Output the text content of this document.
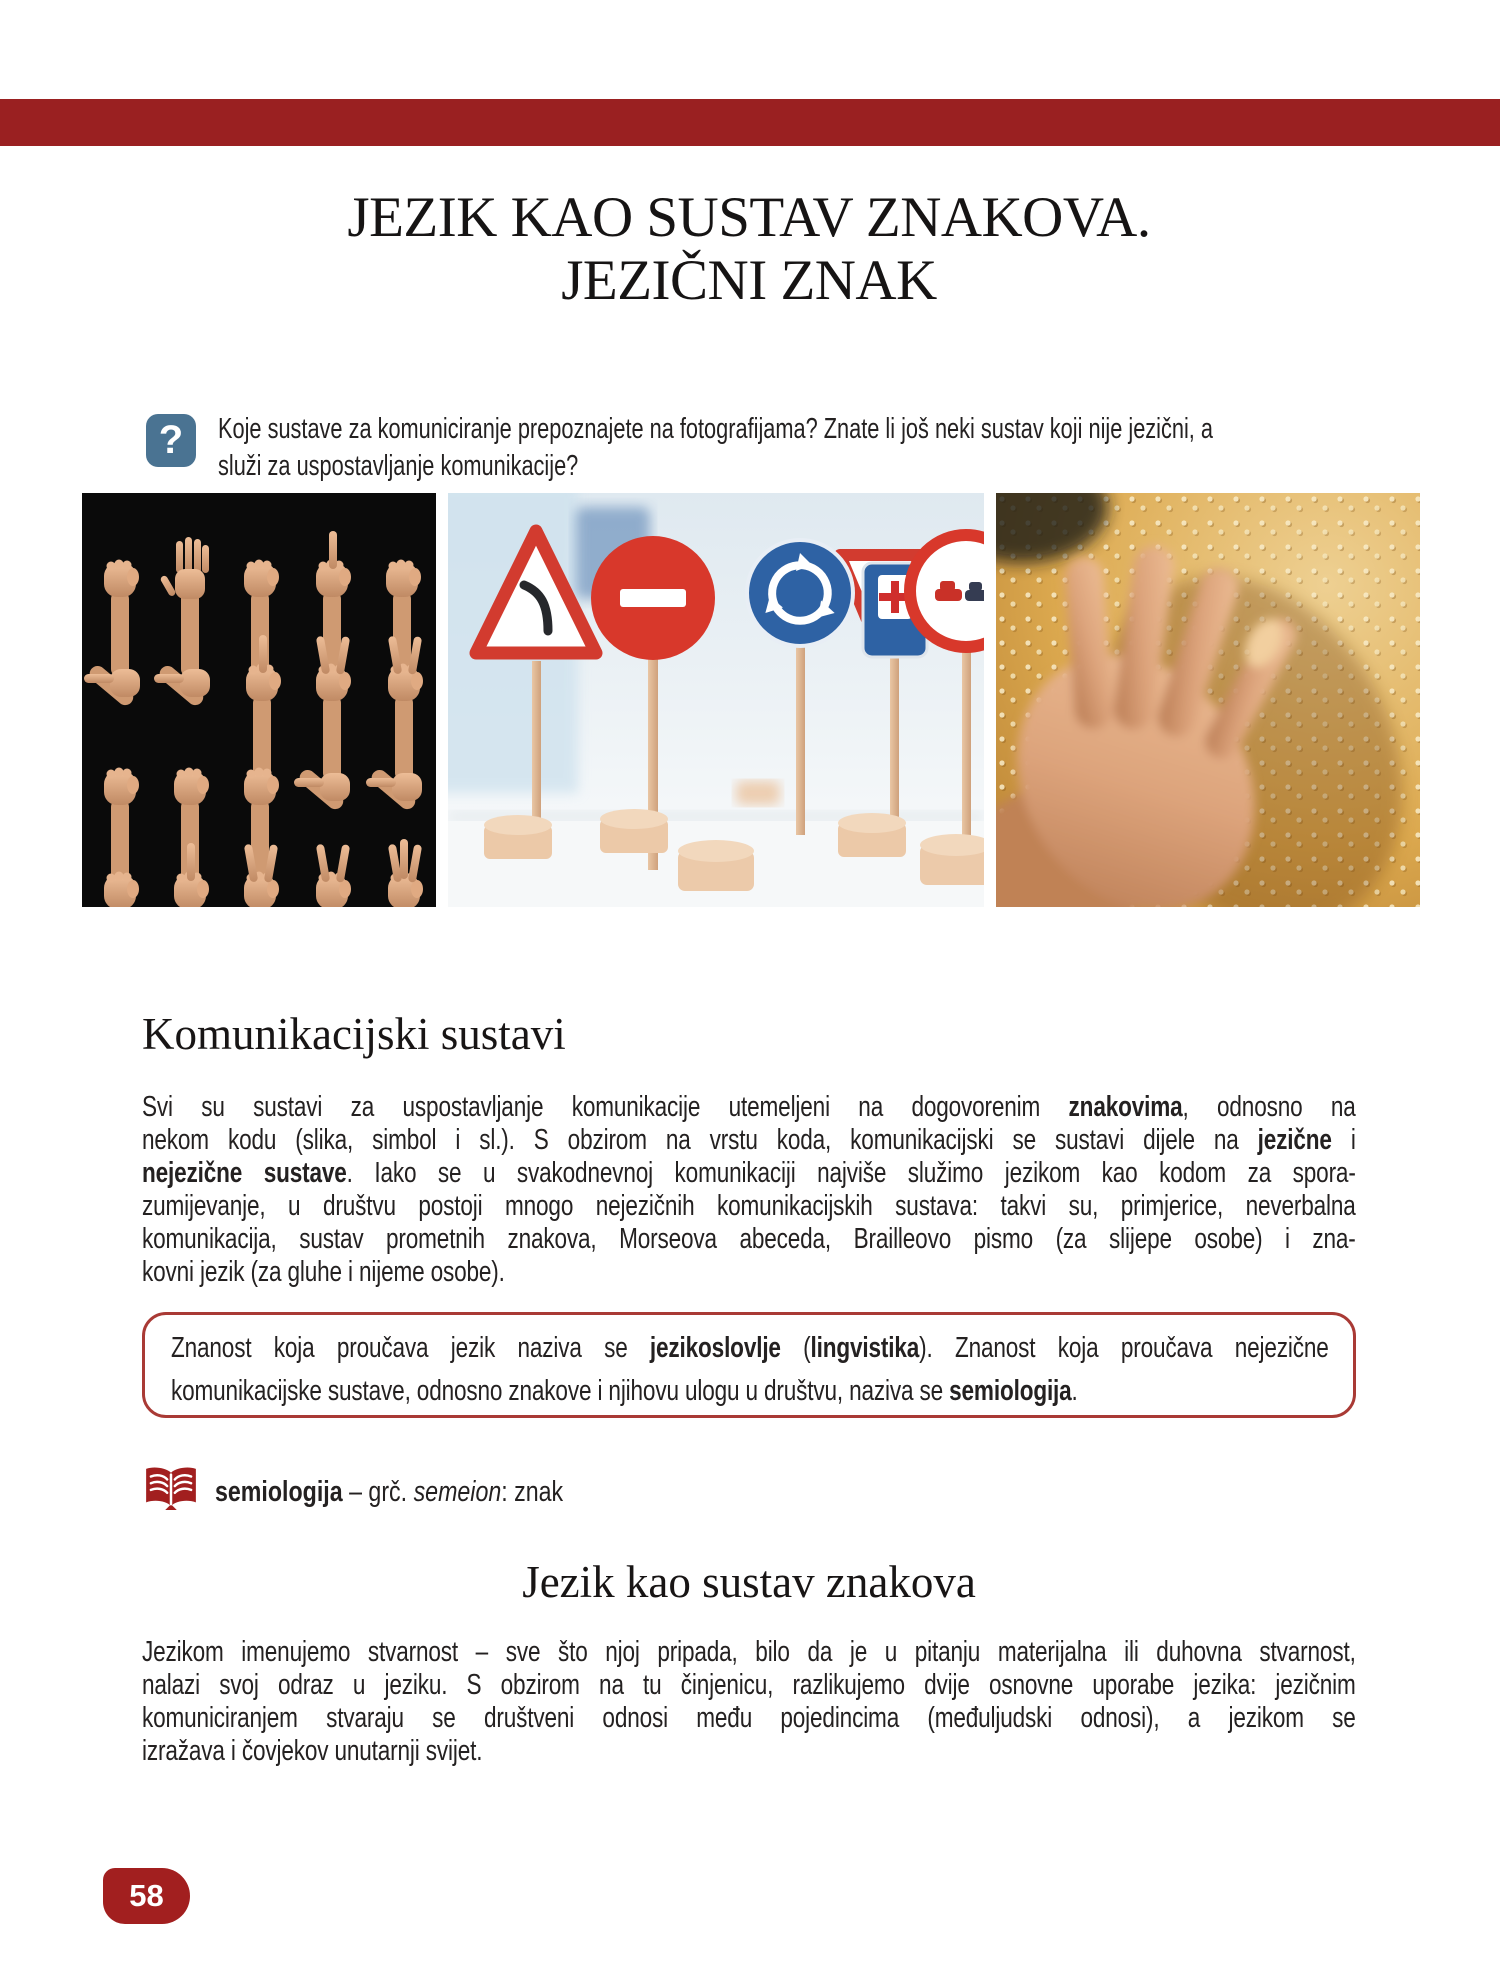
JEZIK KAO SUSTAV ZNAKOVA.
JEZIČNI ZNAK
?	Koje sustave za komuniciranje prepoznajete na fotografijama? Znate li još neki sustav koji nije jezični, a
služi za uspostavljanje komunikacije?
Komunikacijski sustavi
Svi su sustavi za uspostavljanje komunikacije utemeljeni na dogovorenim znakovima, odnosno na
nekom kodu (slika, simbol i sl.). S obzirom na vrstu koda, komunikacijski se sustavi dijele na jezične i
nejezične sustave. Iako se u svakodnevnoj komunikaciji najviše služimo jezikom kao kodom za spora-
zumijevanje, u društvu postoji mnogo nejezičnih komunikacijskih sustava: takvi su, primjerice, neverbalna
komunikacija, sustav prometnih znakova, Morseova abeceda, Brailleovo pismo (za slijepe osobe) i zna-
kovni jezik (za gluhe i nijeme osobe).
Znanost koja proučava jezik naziva se jezikoslovlje (lingvistika). Znanost koja proučava nejezične
komunikacijske sustave, odnosno znakove i njihovu ulogu u društvu, naziva se semiologija.
semiologija – grč. semeion: znak
Jezik kao sustav znakova
Jezikom imenujemo stvarnost – sve što njoj pripada, bilo da je u pitanju materijalna ili duhovna stvarnost,
nalazi svoj odraz u jeziku. S obzirom na tu činjenicu, razlikujemo dvije osnovne uporabe jezika: jezičnim
komuniciranjem stvaraju se društveni odnosi među pojedincima (međuljudski odnosi), a jezikom se
izražava i čovjekov unutarnji svijet.
58
